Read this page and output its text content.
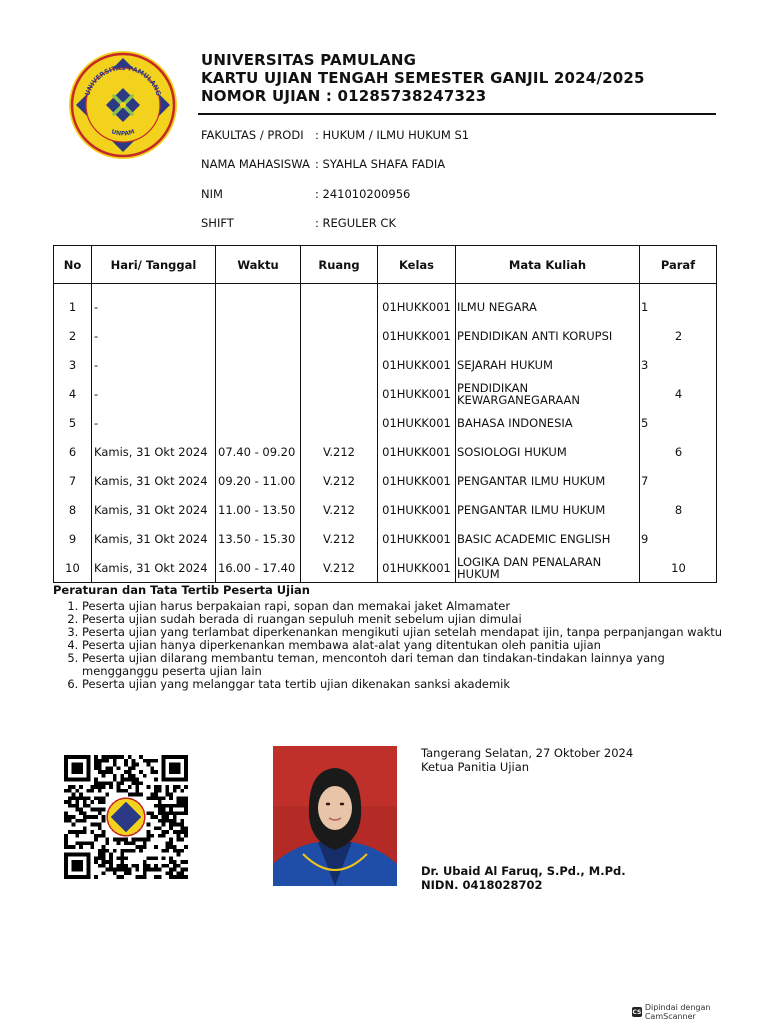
UNIVERSITAS PAMULANG
UNPAM
UNIVERSITAS PAMULANG
KARTU UJIAN TENGAH SEMESTER GANJIL 2024/2025
NOMOR UJIAN : 01285738247323
FAKULTAS / PRODI : HUKUM / ILMU HUKUM S1
NAMA MAHASISWA : SYAHLA SHAFA FADIA
NIM	: 241010200956
SHIFT	: REGULER CK
No	Hari/ Tanggal	Waktu	Ruang	Kelas	Mata Kuliah	Paraf
1	-			01HUKK001	ILMU NEGARA	1
2	-			01HUKK001	PENDIDIKAN ANTI KORUPSI	2
3	-			01HUKK001	SEJARAH HUKUM	3
4	-			01HUKK001	PENDIDIKAN KEWARGANEGARAAN	4
5	-			01HUKK001	BAHASA INDONESIA	5
6	Kamis, 31 Okt 2024	07.40 - 09.20	V.212	01HUKK001	SOSIOLOGI HUKUM	6
7	Kamis, 31 Okt 2024	09.20 - 11.00	V.212	01HUKK001	PENGANTAR ILMU HUKUM	7
8	Kamis, 31 Okt 2024	11.00 - 13.50	V.212	01HUKK001	PENGANTAR ILMU HUKUM	8
9	Kamis, 31 Okt 2024	13.50 - 15.30	V.212	01HUKK001	BASIC ACADEMIC ENGLISH	9
10	Kamis, 31 Okt 2024	16.00 - 17.40	V.212	01HUKK001	LOGIKA DAN PENALARAN HUKUM	10
Peraturan dan Tata Tertib Peserta Ujian
1. Peserta ujian harus berpakaian rapi, sopan dan memakai jaket Almamater
2. Peserta ujian sudah berada di ruangan sepuluh menit sebelum ujian dimulai
3. Peserta ujian yang terlambat diperkenankan mengikuti ujian setelah mendapat ijin, tanpa perpanjangan waktu
4. Peserta ujian hanya diperkenankan membawa alat-alat yang ditentukan oleh panitia ujian
5. Peserta ujian dilarang membantu teman, mencontoh dari teman dan tindakan-tindakan lainnya yang mengganggu peserta ujian lain
6. Peserta ujian yang melanggar tata tertib ujian dikenakan sanksi akademik
Tangerang Selatan, 27 Oktober 2024
Ketua Panitia Ujian
Dr. Ubaid Al Faruq, S.Pd., M.Pd.
NIDN. 0418028702
CS Dipindai dengan CamScanner
